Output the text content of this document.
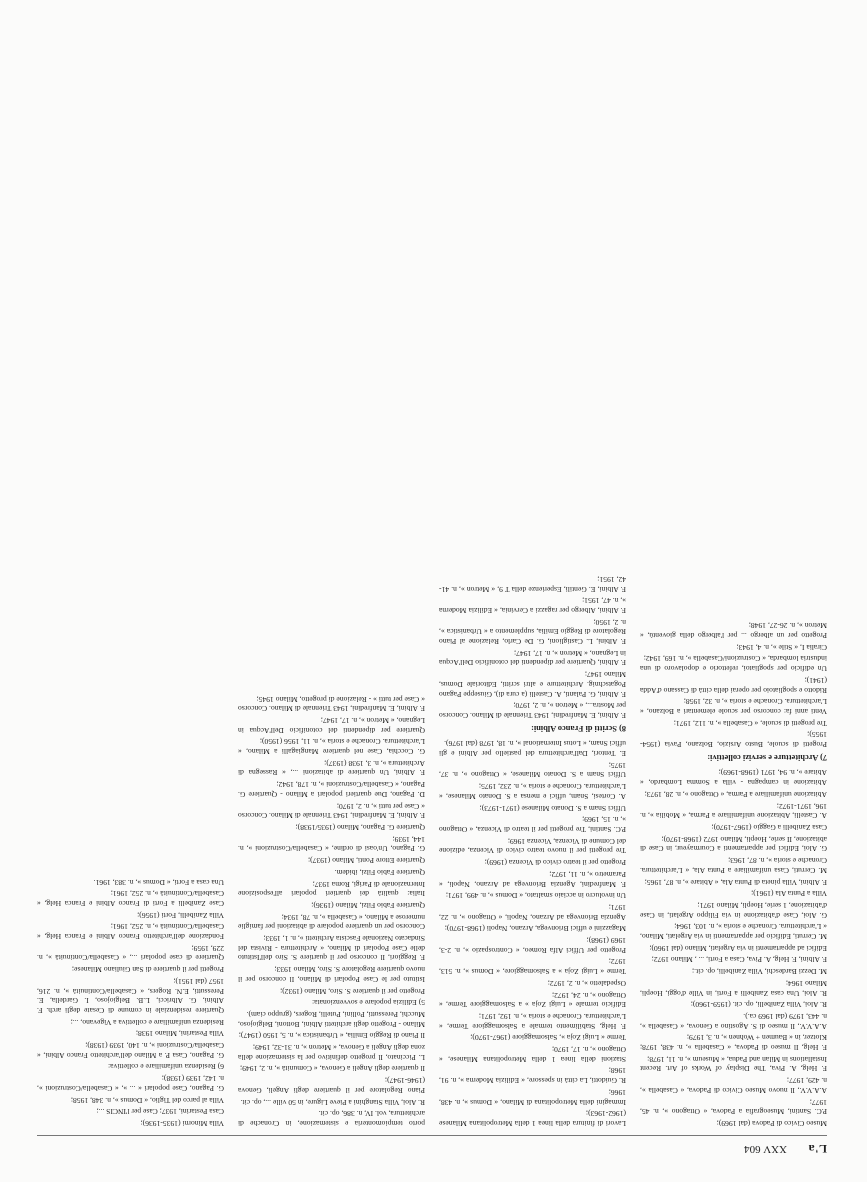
L'a
XXV 604

Museo Civico di Padova (dal 1969);

P.C. Santini, Museografia a Padova, « Ottagono », n. 45, 1977;

A.A.V.V., Il nuovo Museo Civico di Padova, « Casabella », n. 429, 1977;

F. Helg, A. Piva, The Display of Works of Art. Recent Installations in Milan and Padua, « Museum », n. 11, 1978;

F. Helg, Il museo di Padova, « Casabella », n. 438, 1978; Klotzer, in « Baumen + Wohnen », n. 3, 1979;

A.A.V.V., Il museo di S. Agostino a Genova, « Casabella », n. 443, 1979 (dal 1969 ca.).

R. Aloi, Villa Zanibelli, op. cit. (1959-1960);

R. Aloi, Una casa Zanibelli a Forti, in Ville d'oggi, Hoepli, Milano 1964;

M. Dezzi Bardeschi, Villa Zanibelli, op. cit.;

F. Albini, F. Helg, A. Piva, Casa a Forti, ... , Milano 1972;

Edifici ad appartamenti in via Argelati, Milano (dal 1960);

M. Cerruti, Edificio per appartamenti in via Argelati, Milano, « L'architettura. Cronache e storia », n. 103, 1964;

G. Aloi, Case d'abitazione in via Filippo Argelati, in Case d'abitazione, 1 serie, Hoepli, Milano 1971;

Villa a Punta Ala (1961);

F. Albini, Villa pineta di Punta Ala, « Abitare », n. 87, 1965;

M. Cerruti, Casa unifamiliare a Punta Ala, « L'architettura. Cronache e storia », n. 87, 1963;

G. Aloi, Edifici per appartamenti a Courmayeur, in Case di abitazione, II serie, Hoepli, Milano 1972 (1968-1970);

Casa Zanibelli a Gaggio (1967-1970);

A. Castelli, Abitazione unifamiliare a Parma, « Mobilia », n. 196, 1971-1972;

Abitazione unifamiliare a Parma, « Ottagono », n. 28, 1973;

Abitazione in campagna - villa a Somma Lombardo, « Abitare », n. 94, 1971 (1968-1969);

7) Architetture e servizi collettivi:

Progetti di scuole, Busto Arsizio, Bolzano, Pavia (1954-1955);

Tre progetti di scuole, « Casabella », n. 112, 1971;

Venti anni fa: concorso per scuole elementari a Bolzano, « L'architettura. Cronache e storia », n. 32, 1958;

Ridotto e spogliatoio per operai della città di Cassano d'Adda (1941);

Un edificio per spogliatoi, refettorio e dopolavoro di una industria lombarda, « Costruzioni/Casabella », n. 169, 1942;

Ciralia I, « Stile », n. 4, 1943;

Progetto per un albergo ... per l'albergo della gioventù, « Metron », n. 26-27, 1948;

Lavori di finitura della linea 1 della Metropolitana Milanese (1962-1963);

Immagini della Metropolitana di Milano, « Domus », n. 438, 1966;

R. Guidotti, La città in spessore, « Edilizia Moderna », n. 91, 1968;

Stazioni della linea 1 della Metropolitana Milanese, « Ottagono », n. 17, 1970;

Terme « Luigi Zoja », Salsomaggiore (1967-1970);

F. Helg, Stabilimento termale a Salsomaggiore Terme, « L'architettura. Cronache e storia », n. 192, 1971;

Edificio termale « Luigi Zoja » a Salsomaggiore Terme, « Ottagono », n. 24, 1972;

Ospedaletto », n. 2, 1972;

Terme « Luigi Zoja » a Salsomaggiore, « Domus », n. 513, 1972;

Progetto per Uffici Alfa Romeo, « Controspazio », n. 2-3, 1969 (1968);

Magazzini e uffici Brionvega, Arzano, Napoli (1968-1970);

Agenzia Brionvega ad Arzano, Napoli, « Ottagono », n. 22, 1971;

Un involucro in acciaio smaltato, « Domus », n. 499, 1971;

F. Manfredini, Agenzia Brionvega ad Arzano, Napoli, « Parametro », n. 11, 1972;

Progetto per il teatro civico di Vicenza (1969);

Tre progetti per il nuovo teatro civico di Vicenza, edizione del Comune di Vicenza, Vicenza 1969;

P.C. Santini, Tre progetti per il teatro di Vicenza, « Ottagono », n. 15, 1969;

Uffici Snam a S. Donato Milanese (1971-1973);

A. Cortesi, Snam, uffici e mensa a S. Donato Milanese, « L'architettura. Cronache e storia », n. 232, 1975;

Uffici Snam a S. Donato Milanese, « Ottagono », n. 37, 1975;

E. Tentori, Dall'architettura del pastiello per Albini e gli uffici Snam, « Lotus International », n. 18, 1978 (dal 1976).

8) Scritti di Franco Albini:

F. Albini, E. Manfredini, 1943 Triennale di Milano. Concorso per Mostra..., « Metron », n. 2, 1970;

F. Albini, G. Palanti, A. Castelli (a cura di), Giuseppe Pagano Pogatschnig. Architetture e altri scritti, Editoriale Domus, Milano 1947;

F. Albini, Quartiere per dipendenti del cotonificio Dell'Acqua in Legnano, « Metron », n. 17, 1947;

F. Albini, L. Castiglioni, G. De Carlo, Relazione al Piano Regolatore di Reggio Emilia, supplemento a « Urbanistica », n. 2, 1950;

F. Albini, Albergo per ragazzi a Cervinia, « Edilizia Moderna », n. 47, 1951;

F. Albini, E. Gentili, Esperienze della T 9, « Metron », n. 41-42, 1951;

porto tempiomonteria e sistemazione, in Cronache di architettura, vol. IV, n. 386, op. cit.

R. Aloi, Villa Stanghini a Pieve Ligure, in 50 ville ..., op. cit.

Piano Regolatore per il quartiere degli Angeli, Genova (1946-1947);

Il quartiere degli Angeli a Genova, « Comunità », n. 2, 1949;

L. Piccinato, Il progetto definitivo per la sistemazione della zona degli Angeli a Genova, « Metron », n. 31-32, 1949;

Il Piano di Reggio Emilia, « Urbanistica », n. 5, 1950 (1947);

Milano - Progetto degli architetti Albini, Bottoni, Belgiojoso, Mucchi, Peressutti, Pollini, Putelli, Rogers, (gruppo ciam).

5) Edilizia popolare e sovvenzionata:

Progetto per il quartiere S. Siro, Milano (1932);

Istituto per le Case Popolari di Milano, Il concorso per il nuovo quartiere Regolatore S. Siro, Milano 1933;

F. Reggiori, Il concorso per il quartiere S. Siro dell'Istituto delle Case Popolari di Milano, « Architettura - Rivista del Sindacato Nazionale Fascista Architetti », n. 1, 1933;

Concorso per un quartiere popolare di abitazioni per famiglie numerose a Milano, « Casabella », n. 78, 1934;

Quartiere Fabio Filzi, Milano (1936);

Italia: qualità dei quartieri popolari all'esposizione Internazionale di Parigi, Roma 1937;

Quartiere Fabio Filzi, ibidem.

Quartiere Ettore Ponti, Milano (1937);

G. Pagano, Un'oasi di ordine, « Casabella/Costruzioni », n. 144, 1939;

Quartiere G. Pagano, Milano (1935/1938);

F. Albini, E. Manfredini, 1943 Triennale di Milano. Concorso « Case per tutti », n. 2, 1970;

D. Pagano, Due quartieri popolari a Milano - Quartiere G. Pagano, « Casabella/Costruzioni », n. 178, 1942;

F. Albini, Un quartiere di abitazioni ..., « Rassegna di Architettura », n. 3, 1938 (1937);

G. Cocchia, Case nel quartiere Mangiagalli a Milano, « L'architettura. Cronache e storia », n. 11, 1956 (1950);

Quartiere per dipendenti del cotonificio Dell'Acqua in Legnano, « Metron », n. 17, 1947;

F. Albini, E. Manfredini, 1943 Triennale di Milano. Concorso « Case per tutti » - Relazione di progetto, Milano 1945;

Villa Minorni (1935-1936);

Casa Pestarini, 1937; Case per l'INCIS ...;

Villa al parco del Tiglio, « Domus », n. 348, 1958;

G. Pagano, Case popolari « ... », « Casabella/Costruzioni », n. 142, 1939 (1938);

6) Residenza unifamiliare e collettiva:

G. Pagano, Casa P. a Milano dell'architetto Franco Albini, « Casabella/Costruzioni », n. 140, 1939 (1938);

Villa Pestarini, Milano 1938;

Residenza unifamiliare e collettiva a Vigevano, ...;

Quartiere residenziale in comune di Cesate degli arch. F. Albini, G. Albricci, L.B. Belgiojoso, I. Gardella, E. Peressutti, E.N. Rogers, « Casabella/Continuità », n. 216, 1957 (dal 1951);

Progetti per il quartiere di San Giuliano Milanese;

Quartiere di case popolari ..., « Casabella/Continuità », n. 229, 1959;

Fondazione dell'architetto Franco Albini e Franca Helg, « Casabella/Continuità », n. 252, 1961;

Villa Zanibelli, Forti (1956);

Case Zanibelli a Forti di Franco Albini e Franca Helg, « Casabella/Continuità », n. 252, 1961;

Una casa a Forti, « Domus », n. 383, 1961.
